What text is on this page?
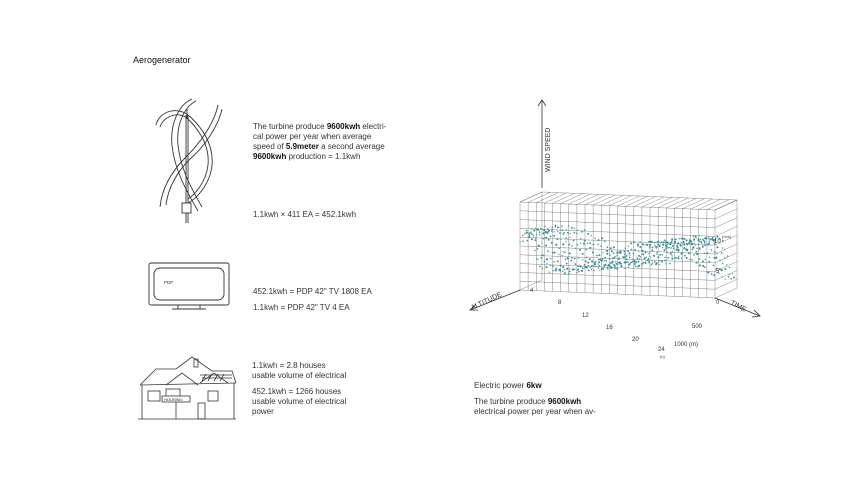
Aerogenerator
The turbine produce 9600kwh electri-
cal power per year when average
speed of 5.9meter a second average
9600kwh production = 1.1kwh
1.1kwh × 411 EA = 452.1kwh
PDP
452.1kwh = PDP 42" TV 1808 EA
1.1kwh = PDP 42" TV 4 EA
HOUSING
1.1kwh = 2.8 houses
usable volume of electrical
452.1kwh = 1266 houses
usable volume of electrical
power
WIND SPEED
ALTITUDE	TIME
4
8
12
16
20
24
(h)
0
5
10
(m/s)
500
1000 (m)
Electric power 6kw
The turbine produce 9600kwh
electrical power per year when av-
